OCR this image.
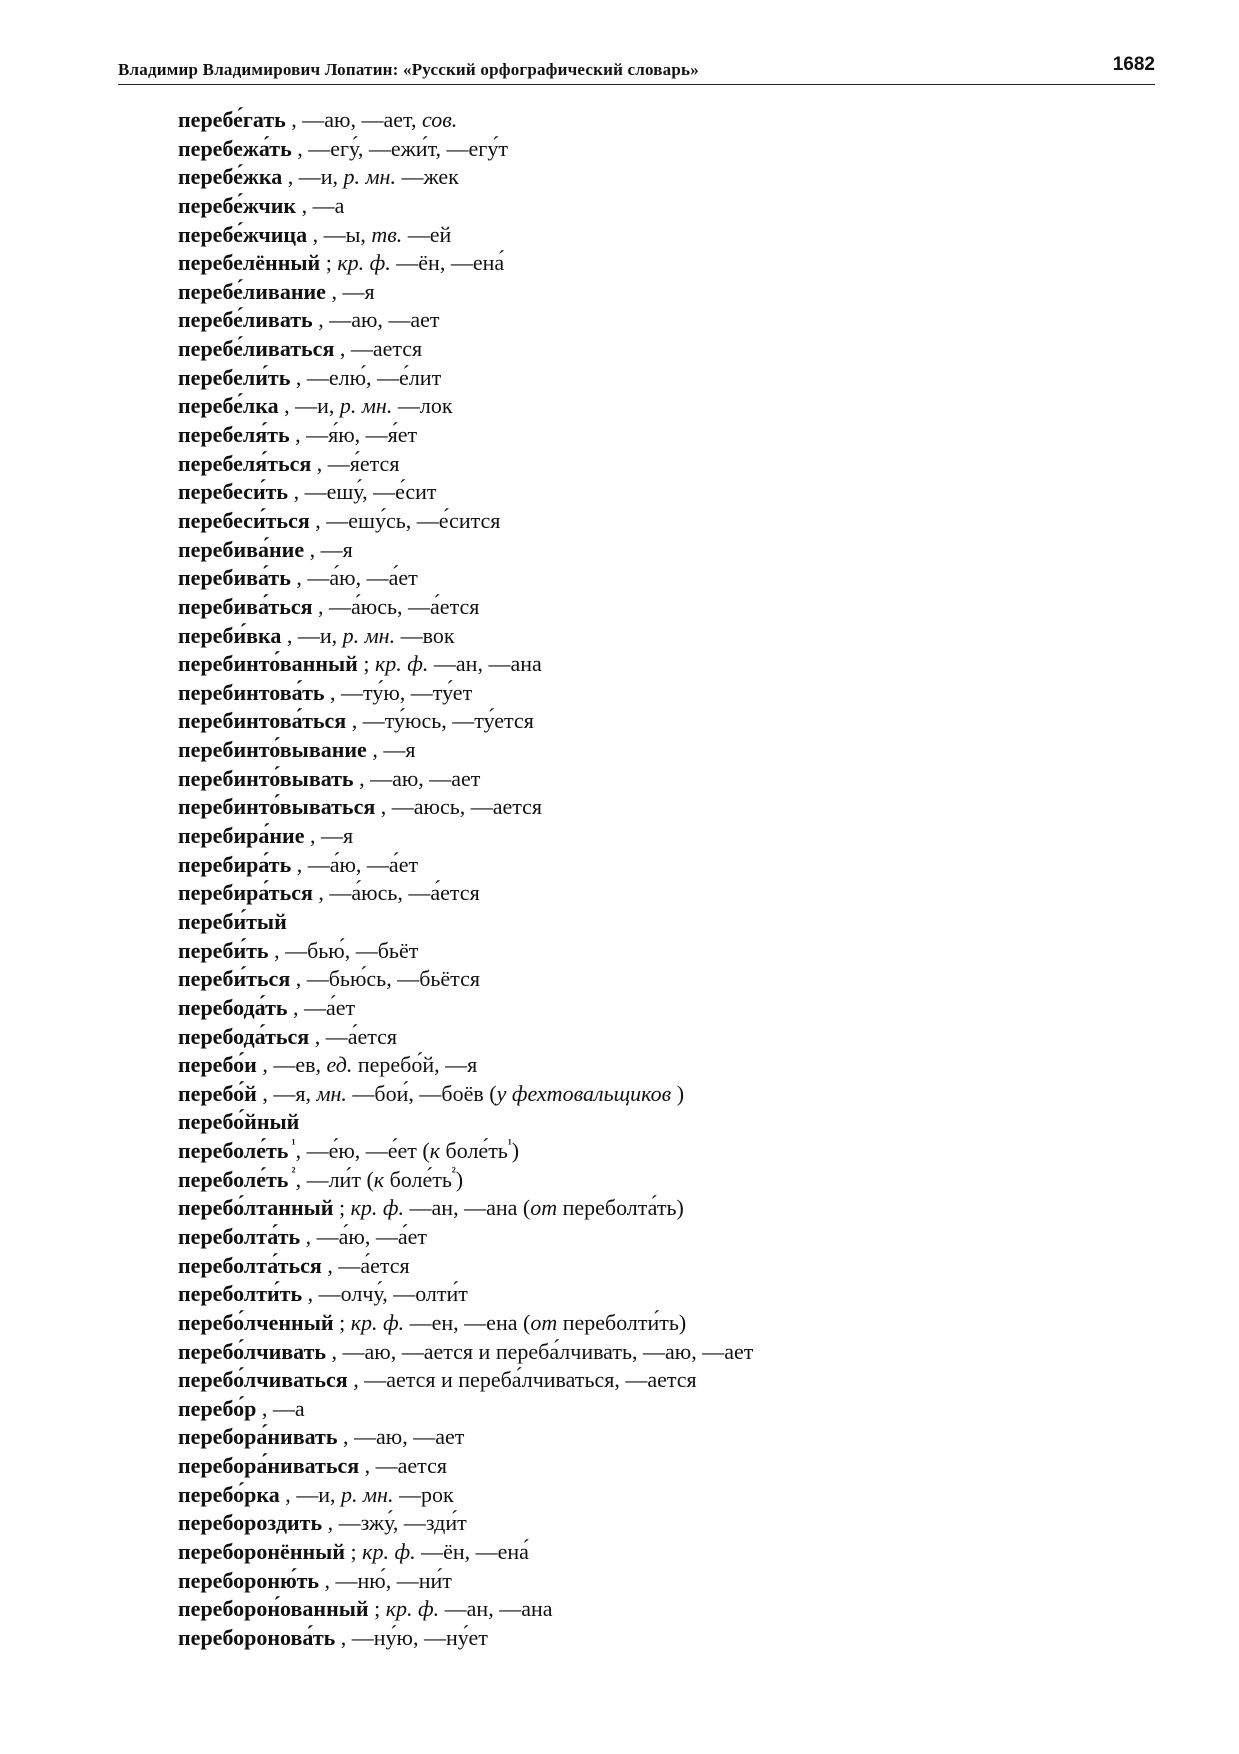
Владимир Владимирович Лопатин: «Русский орфографический словарь»	1682
перебе́гать , —аю, —ает, сов.
перебежа́ть , —егу́, —ежи́т, —егу́т
перебе́жка , —и, р. мн. —жек
перебе́жчик , —а
перебе́жчица , —ы, тв. —ей
перебелённый ; кр. ф. —ён, —ена́
перебе́ливание , —я
перебе́ливать , —аю, —ает
перебе́ливаться , —ается
перебели́ть , —елю́, —е́лит
перебе́лка , —и, р. мн. —лок
перебеля́ть , —я́ю, —я́ет
перебеля́ться , —я́ется
перебеси́ть , —ешу́, —е́сит
перебеси́ться , —ешу́сь, —е́сится
перебива́ние , —я
перебива́ть , —а́ю, —а́ет
перебива́ться , —а́юсь, —а́ется
переби́вка , —и, р. мн. —вок
перебинто́ванный ; кр. ф. —ан, —ана
перебинтова́ть , —ту́ю, —ту́ет
перебинтова́ться , —ту́юсь, —ту́ется
перебинто́вывание , —я
перебинто́вывать , —аю, —ает
перебинто́вываться , —аюсь, —ается
перебира́ние , —я
перебира́ть , —а́ю, —а́ет
перебира́ться , —а́юсь, —а́ется
переби́тый
переби́ть , —бью́, —бьёт
переби́ться , —бью́сь, —бьётся
перебода́ть , —а́ет
перебода́ться , —а́ется
перебо́и , —ев, ед. перебо́й, —я
перебо́й , —я, мн. —бои́, —боёв (у фехтовальщиков )
перебо́йный
переболе́ть $^{^1}$, —е́ю, —е́ет (к $боле́ть^{^1}$)
переболе́ть $^{^2}$, —ли́т (к $боле́ть^{^2}$)
перебо́лтанный ; кр. ф. —ан, —ана (от переболта́ть)
переболта́ть , —а́ю, —а́ет
переболта́ться , —а́ется
переболти́ть , —олчу́, —олти́т
перебо́лченный ; кр. ф. —ен, —ена (от переболти́ть)
перебо́лчивать , —аю, —ается и переба́лчивать, —аю, —ает
перебо́лчиваться , —ается и переба́лчиваться, —ается
перебо́р , —а
перебора́нивать , —аю, —ает
перебора́ниваться , —ается
перебо́рка , —и, р. мн. —рок
перебороздить , —зжу́, —зди́т
переборонённый ; кр. ф. —ён, —ена́
перебороню́ть , —ню́, —ни́т
переборон́ованный ; кр. ф. —ан, —ана
переборонова́ть , —ну́ю, —ну́ет
